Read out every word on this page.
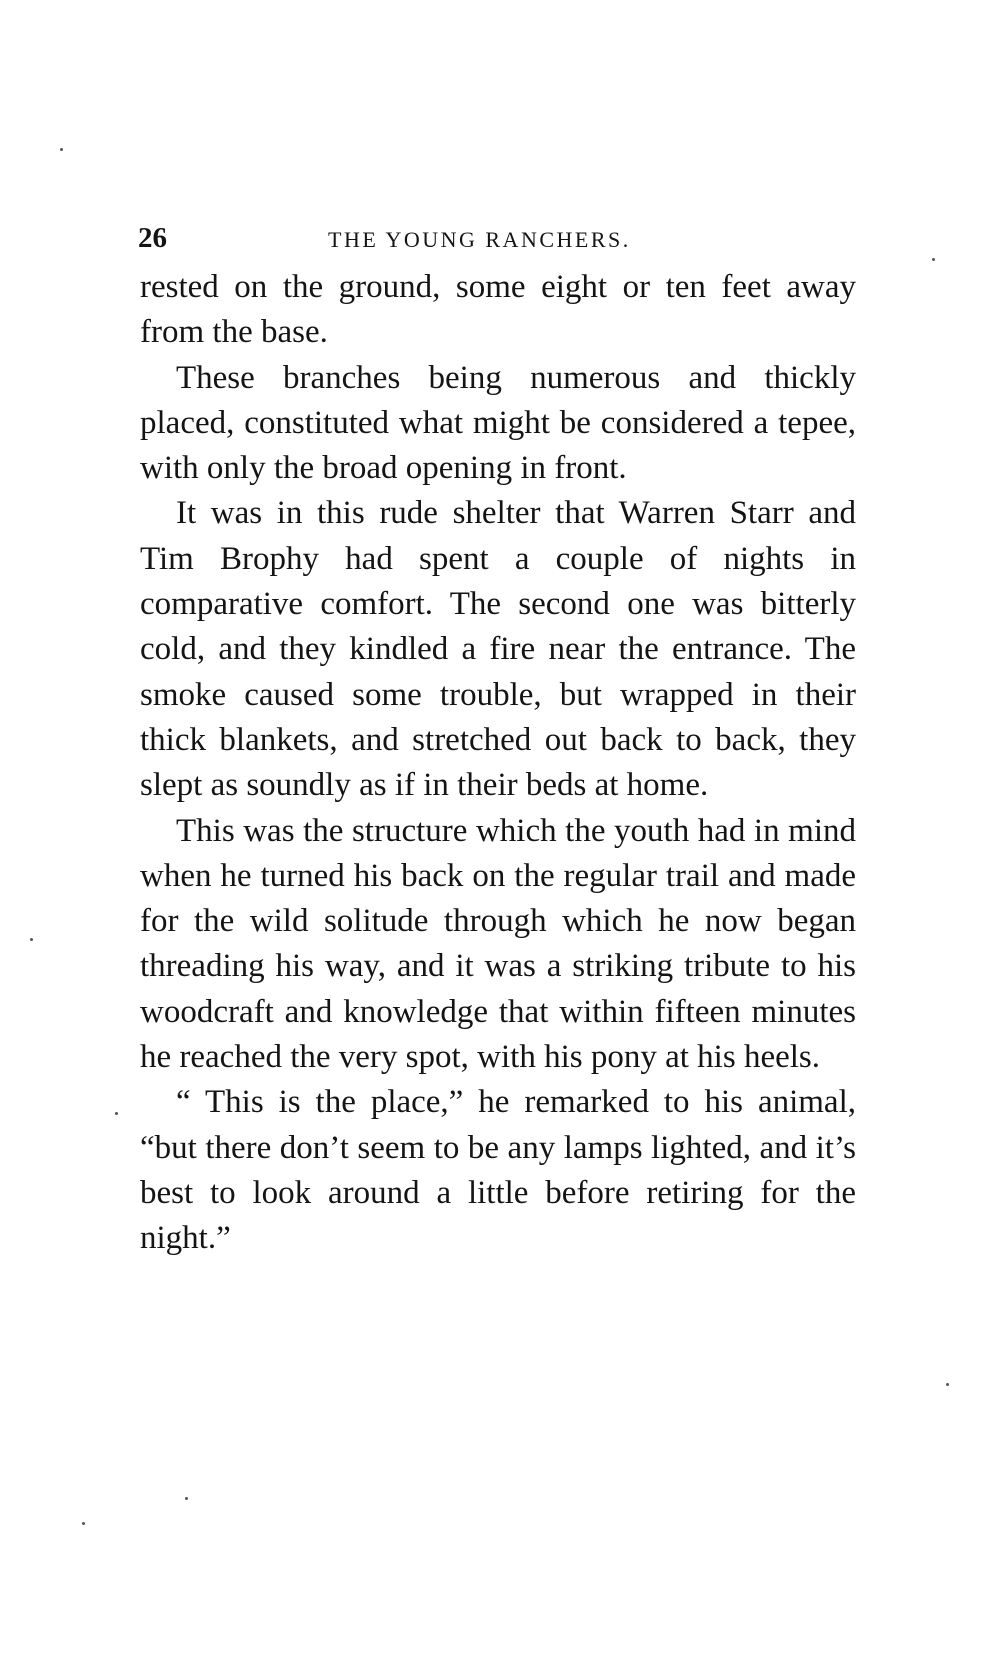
26	THE YOUNG RANCHERS.

rested on the ground, some eight or ten feet away from the base.

These branches being numerous and thickly placed, constituted what might be considered a tepee, with only the broad opening in front.

It was in this rude shelter that Warren Starr and Tim Brophy had spent a couple of nights in comparative comfort. The second one was bitterly cold, and they kindled a fire near the entrance. The smoke caused some trouble, but wrapped in their thick blankets, and stretched out back to back, they slept as soundly as if in their beds at home.

This was the structure which the youth had in mind when he turned his back on the regular trail and made for the wild solitude through which he now began threading his way, and it was a striking tribute to his woodcraft and knowledge that within fifteen minutes he reached the very spot, with his pony at his heels.

“ This is the place,” he remarked to his animal, “but there don’t seem to be any lamps lighted, and it’s best to look around a little before retiring for the night.”
